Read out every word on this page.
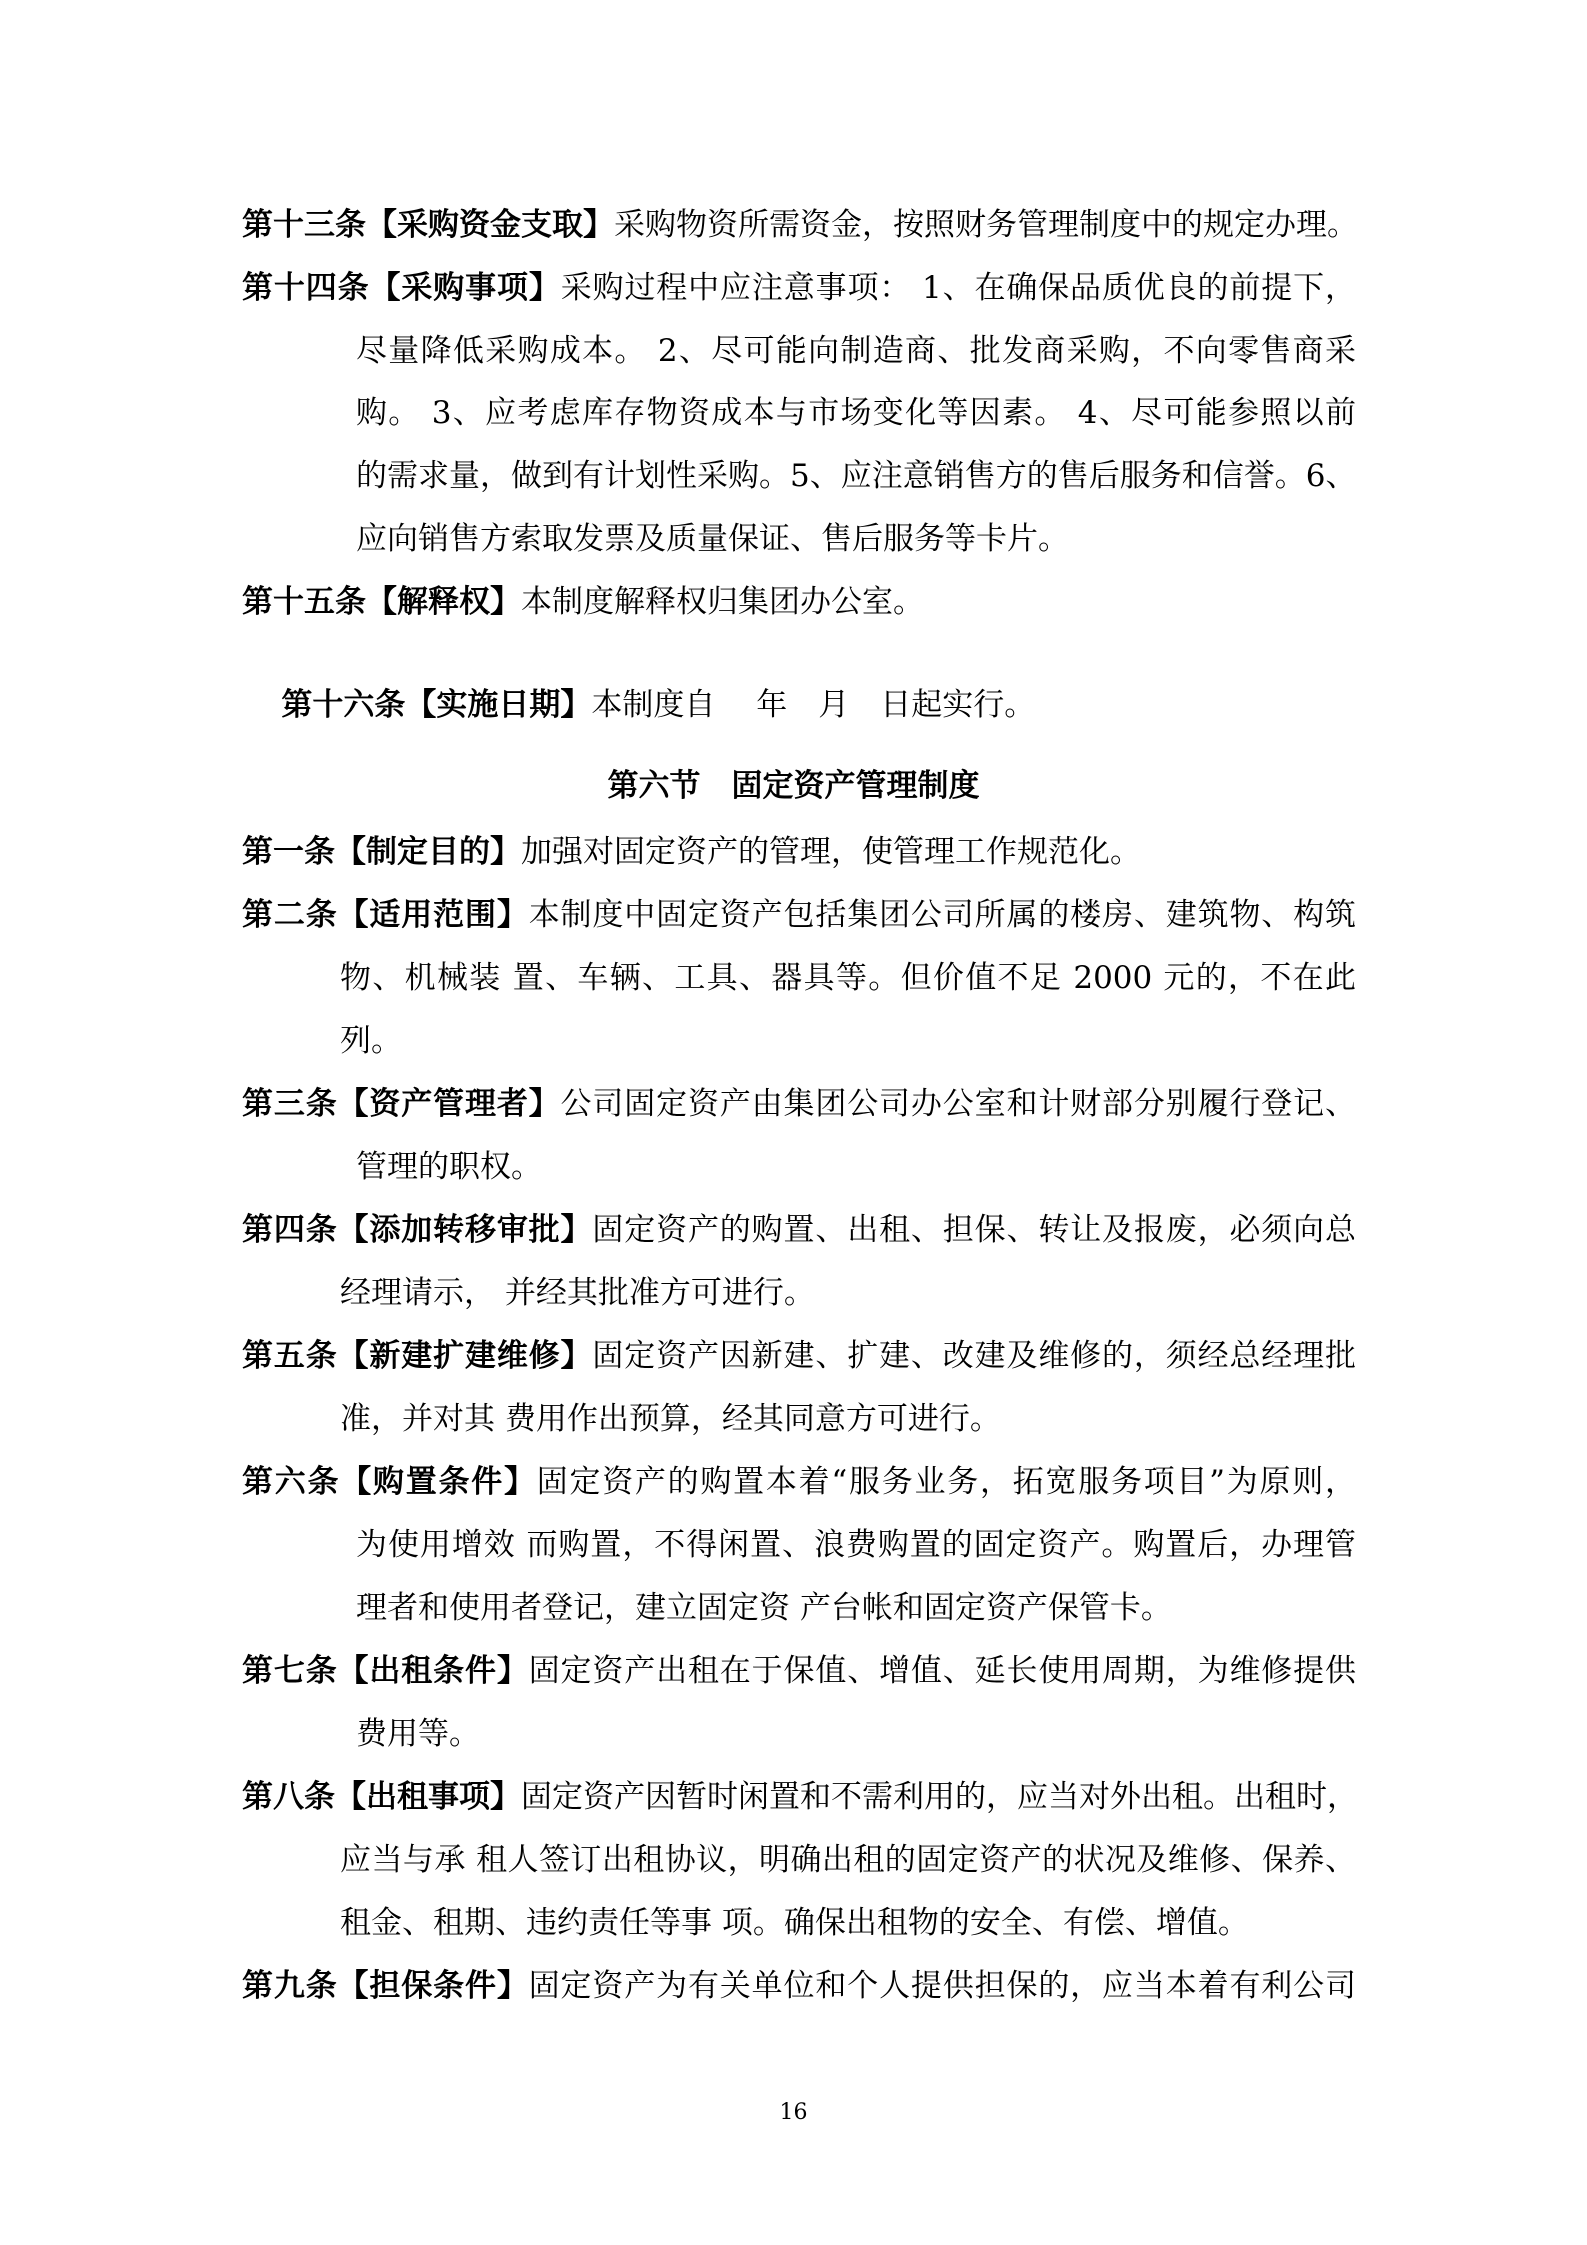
第十三条【采购资金支取】采购物资所需资金，按照财务管理制度中的规定办理。
第十四条【采购事项】采购过程中应注意事项： 1、在确保品质优良的前提下，
尽量降低采购成本。 2、尽可能向制造商、批发商采购，不向零售商采
购。 3、应考虑库存物资成本与市场变化等因素。 4、尽可能参照以前
的需求量，做到有计划性采购。5、应注意销售方的售后服务和信誉。6、
应向销售方索取发票及质量保证、售后服务等卡片。
第十五条【解释权】本制度解释权归集团办公室。

第十六条【实施日期】本制度自　 年　月　日起实行。

第六节　固定资产管理制度
第一条【制定目的】加强对固定资产的管理，使管理工作规范化。
第二条【适用范围】本制度中固定资产包括集团公司所属的楼房、建筑物、构筑
物、机械装 置、车辆、工具、器具等。但价值不足 2000 元的，不在此
列。
第三条【资产管理者】公司固定资产由集团公司办公室和计财部分别履行登记、
管理的职权。
第四条【添加转移审批】固定资产的购置、出租、担保、转让及报废，必须向总
经理请示， 并经其批准方可进行。
第五条【新建扩建维修】固定资产因新建、扩建、改建及维修的，须经总经理批
准，并对其 费用作出预算，经其同意方可进行。
第六条【购置条件】固定资产的购置本着“服务业务，拓宽服务项目”为原则，
为使用增效 而购置，不得闲置、浪费购置的固定资产。购置后，办理管
理者和使用者登记，建立固定资 产台帐和固定资产保管卡。
第七条【出租条件】固定资产出租在于保值、增值、延长使用周期，为维修提供
费用等。
第八条【出租事项】固定资产因暂时闲置和不需利用的，应当对外出租。出租时，
应当与承 租人签订出租协议，明确出租的固定资产的状况及维修、保养、
租金、租期、违约责任等事 项。确保出租物的安全、有偿、增值。
第九条【担保条件】固定资产为有关单位和个人提供担保的，应当本着有利公司
16
